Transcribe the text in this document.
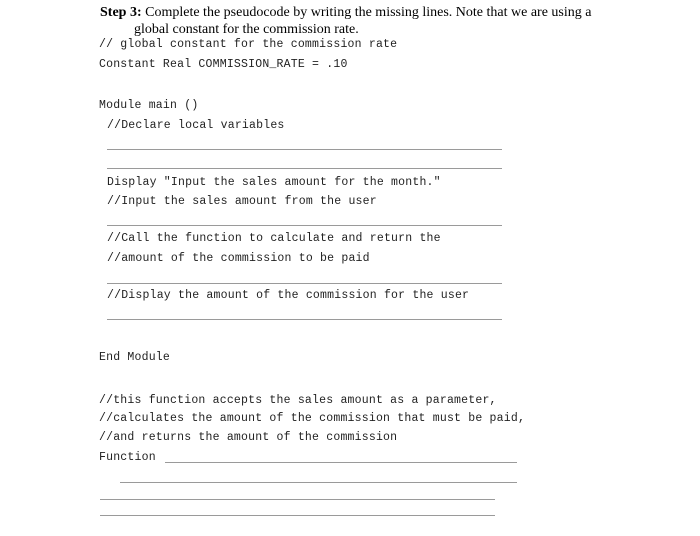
Step 3: Complete the pseudocode by writing the missing lines. Note that we are using a
global constant for the commission rate.
// global constant for the commission rate
Constant Real COMMISSION_RATE = .10
Module main ()
//Declare local variables
Display "Input the sales amount for the month."
//Input the sales amount from the user
//Call the function to calculate and return the
//amount of the commission to be paid
//Display the amount of the commission for the user
End Module
//this function accepts the sales amount as a parameter,
//calculates the amount of the commission that must be paid,
//and returns the amount of the commission
Function
